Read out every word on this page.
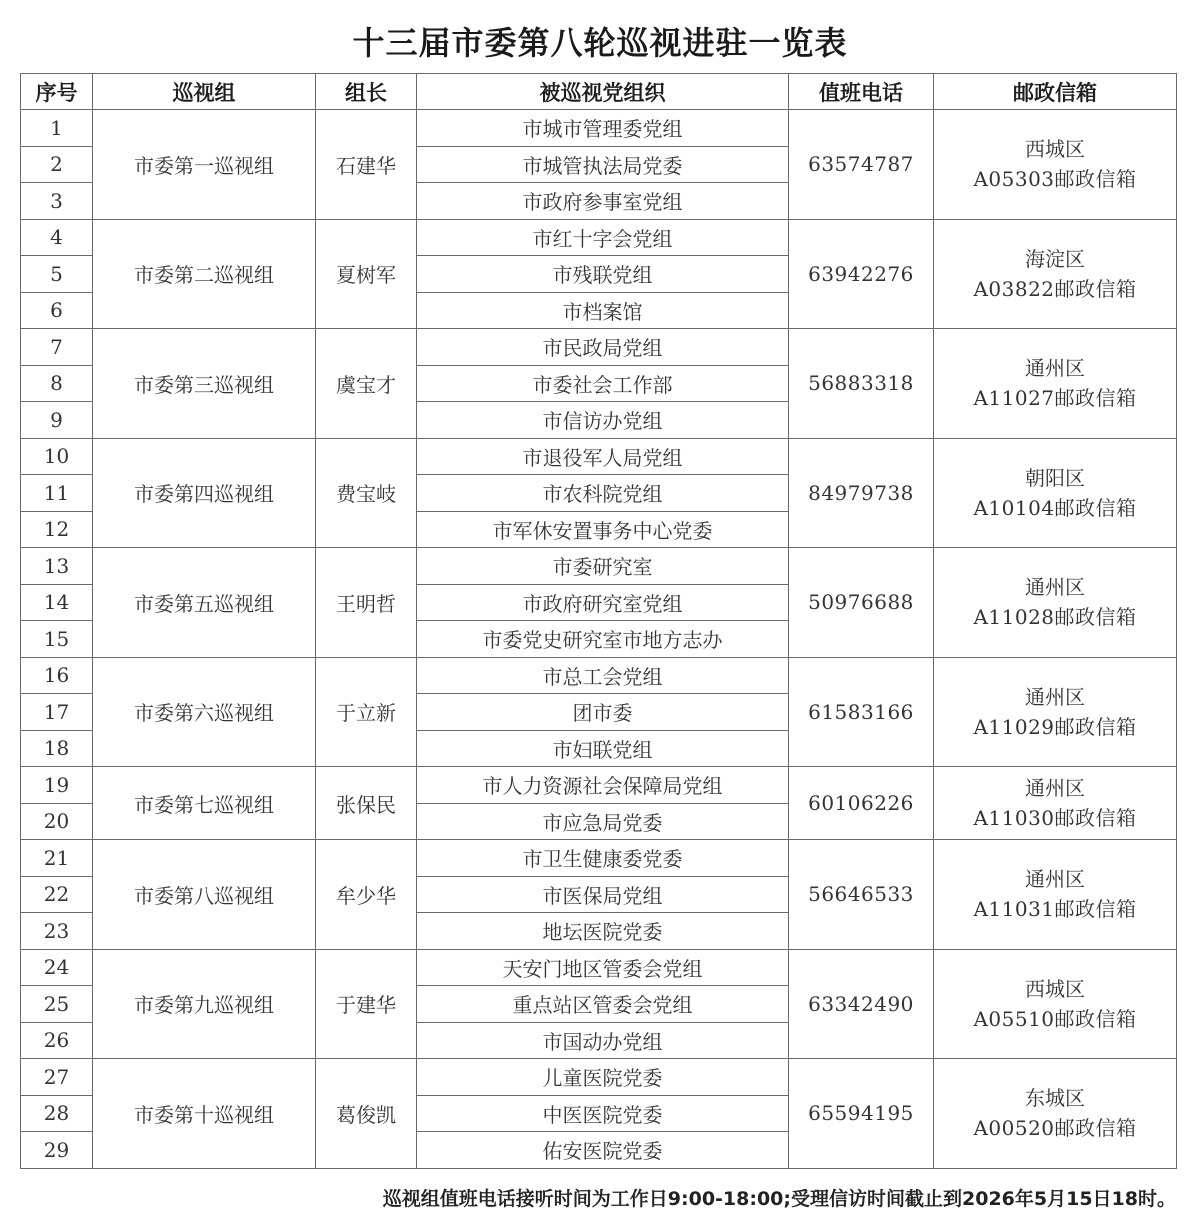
十三届市委第八轮巡视进驻一览表
序号	巡视组	组长	被巡视党组织	值班电话	邮政信箱
1	市委第一巡视组	石建华	市城市管理委党组	63574787	西城区
A05303邮政信箱

2			市城管执法局党委		
3			市政府参事室党组		
4	市委第二巡视组	夏树军	市红十字会党组	63942276	海淀区
A03822邮政信箱

5			市残联党组		
6			市档案馆		
7	市委第三巡视组	虞宝才	市民政局党组	56883318	通州区
A11027邮政信箱

8			市委社会工作部		
9			市信访办党组		
10	市委第四巡视组	费宝岐	市退役军人局党组	84979738	朝阳区
A10104邮政信箱

11			市农科院党组		
12			市军休安置事务中心党委		
13	市委第五巡视组	王明哲	市委研究室	50976688	通州区
A11028邮政信箱

14			市政府研究室党组		
15			市委党史研究室市地方志办		
16	市委第六巡视组	于立新	市总工会党组	61583166	通州区
A11029邮政信箱

17			团市委		
18			市妇联党组		
19	市委第七巡视组	张保民	市人力资源社会保障局党组	60106226	通州区
A11030邮政信箱

20			市应急局党委		
21	市委第八巡视组	牟少华	市卫生健康委党委	56646533	通州区
A11031邮政信箱

22			市医保局党组		
23			地坛医院党委		
24	市委第九巡视组	于建华	天安门地区管委会党组	63342490	西城区
A05510邮政信箱

25			重点站区管委会党组		
26			市国动办党组		
27	市委第十巡视组	葛俊凯	儿童医院党委	65594195	东城区
A00520邮政信箱

28			中医医院党委		
29			佑安医院党委		
巡视组值班电话接听时间为工作日9:00-18:00;受理信访时间截止到2026年5月15日18时。
